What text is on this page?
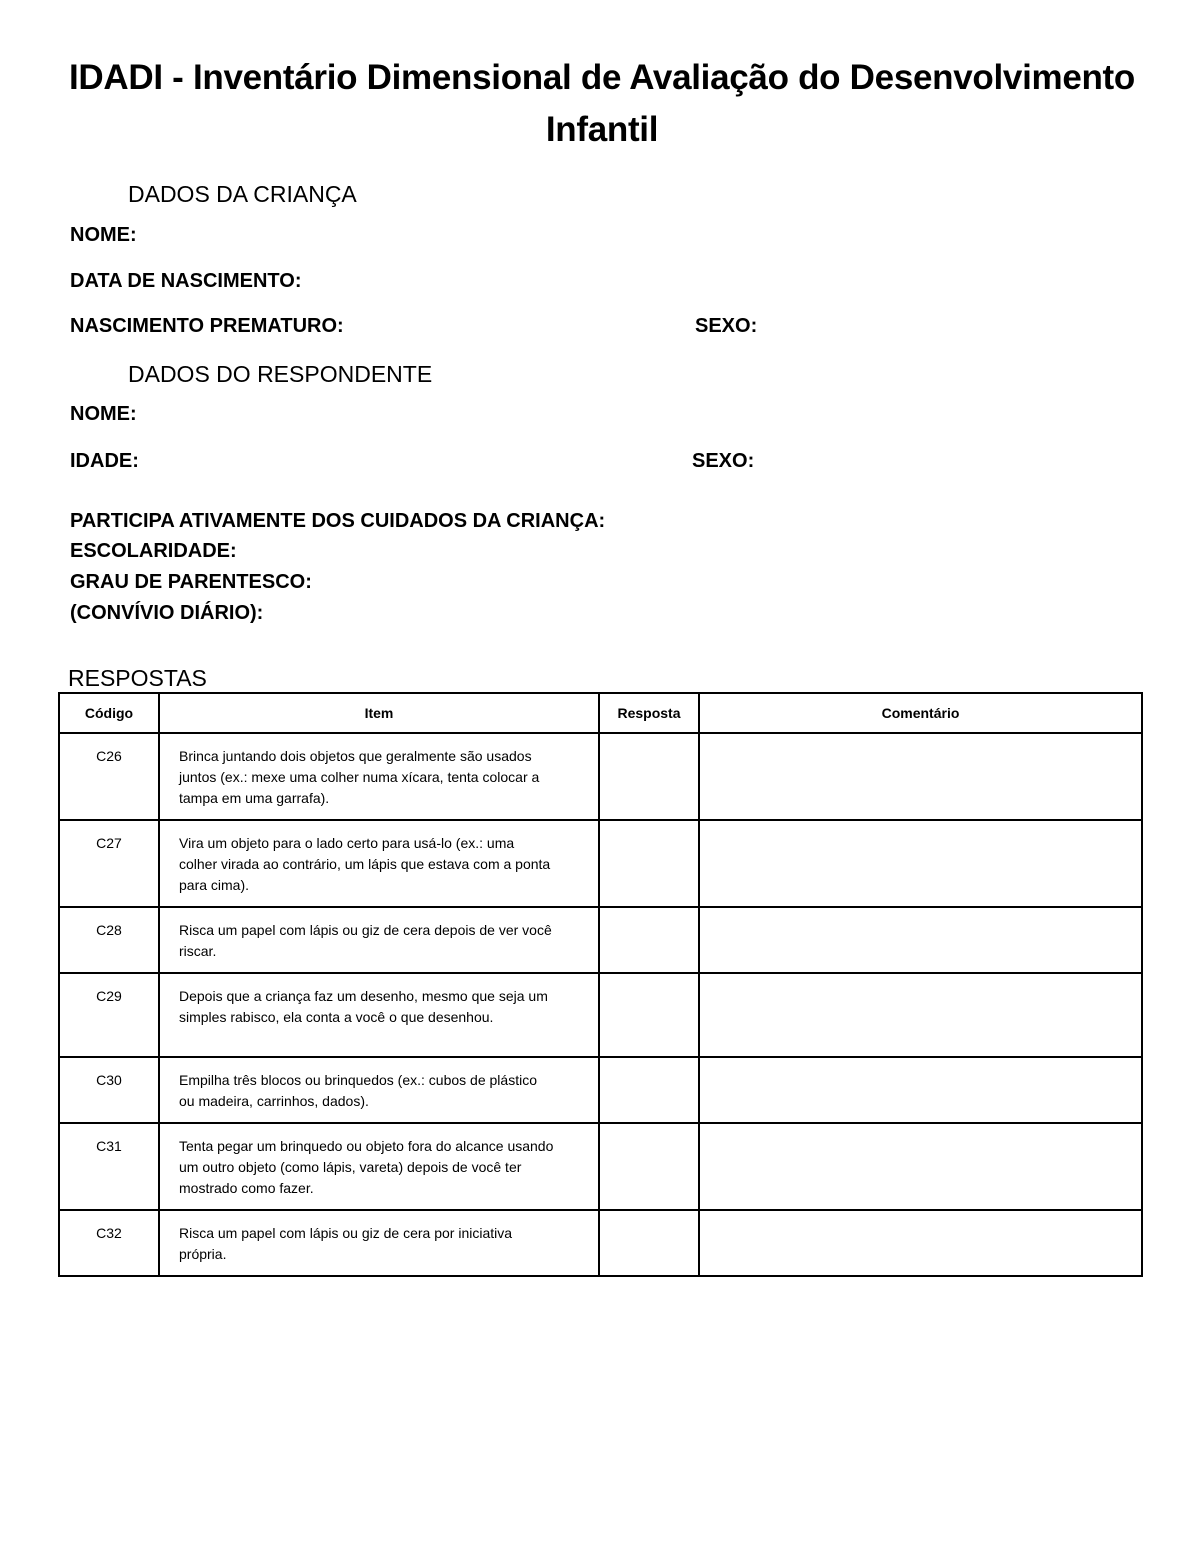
IDADI - Inventário Dimensional de Avaliação do Desenvolvimento Infantil
DADOS DA CRIANÇA
NOME:
DATA DE NASCIMENTO:
NASCIMENTO PREMATURO:	SEXO:
DADOS DO RESPONDENTE
NOME:
IDADE:	SEXO:
PARTICIPA ATIVAMENTE DOS CUIDADOS DA CRIANÇA:
ESCOLARIDADE:
GRAU DE PARENTESCO:
(CONVÍVIO DIÁRIO):
RESPOSTAS
Código	Item	Resposta	Comentário
C26	Brinca juntando dois objetos que geralmente são usados juntos (ex.: mexe uma colher numa xícara, tenta colocar a tampa em uma garrafa).		
C27	Vira um objeto para o lado certo para usá-lo (ex.: uma colher virada ao contrário, um lápis que estava com a ponta para cima).		
C28	Risca um papel com lápis ou giz de cera depois de ver você riscar.		
C29	Depois que a criança faz um desenho, mesmo que seja um simples rabisco, ela conta a você o que desenhou.		
C30	Empilha três blocos ou brinquedos (ex.: cubos de plástico ou madeira, carrinhos, dados).		
C31	Tenta pegar um brinquedo ou objeto fora do alcance usando um outro objeto (como lápis, vareta) depois de você ter mostrado como fazer.		
C32	Risca um papel com lápis ou giz de cera por iniciativa própria.		
